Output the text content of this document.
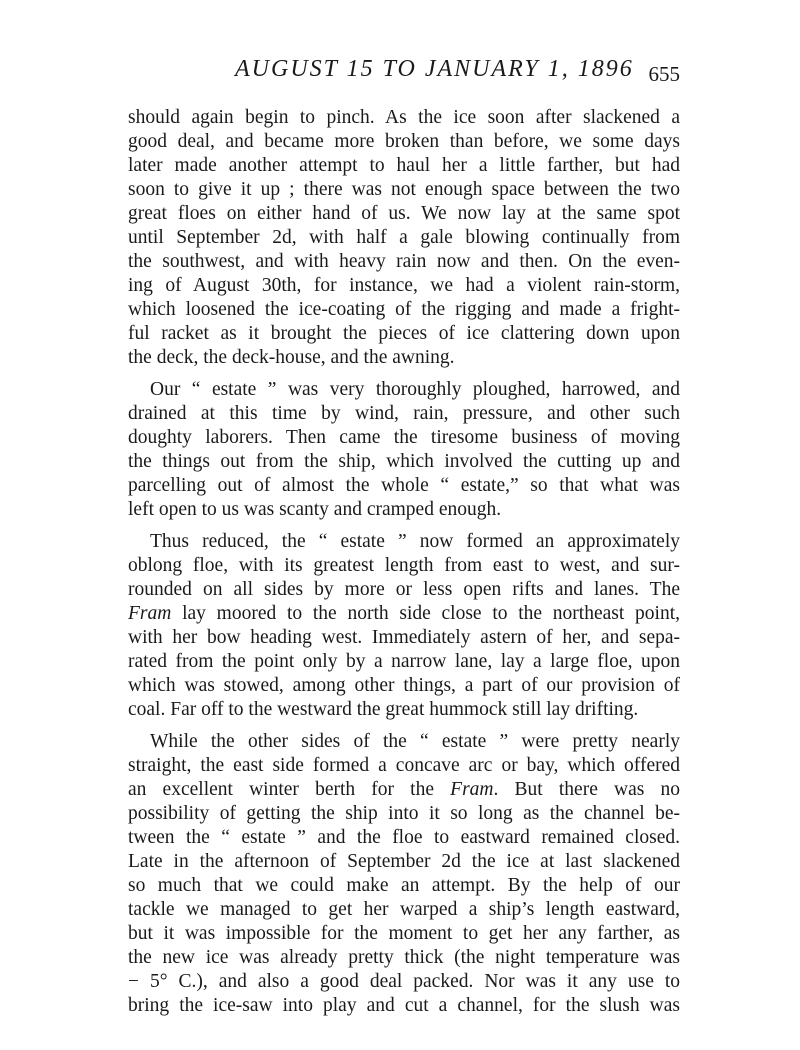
AUGUST 15 TO JANUARY 1, 1896 655
should again begin to pinch. As the ice soon after slackened a
good deal, and became more broken than before, we some days
later made another attempt to haul her a little farther, but had
soon to give it up ; there was not enough space between the two
great floes on either hand of us. We now lay at the same spot
until September 2d, with half a gale blowing continually from
the southwest, and with heavy rain now and then. On the even-
ing of August 30th, for instance, we had a violent rain-storm,
which loosened the ice-coating of the rigging and made a fright-
ful racket as it brought the pieces of ice clattering down upon
the deck, the deck-house, and the awning.
Our “ estate ” was very thoroughly ploughed, harrowed, and
drained at this time by wind, rain, pressure, and other such
doughty laborers. Then came the tiresome business of moving
the things out from the ship, which involved the cutting up and
parcelling out of almost the whole “ estate,” so that what was
left open to us was scanty and cramped enough.
Thus reduced, the “ estate ” now formed an approximately
oblong floe, with its greatest length from east to west, and sur-
rounded on all sides by more or less open rifts and lanes. The
Fram lay moored to the north side close to the northeast point,
with her bow heading west. Immediately astern of her, and sepa-
rated from the point only by a narrow lane, lay a large floe, upon
which was stowed, among other things, a part of our provision of
coal. Far off to the westward the great hummock still lay drifting.
While the other sides of the “ estate ” were pretty nearly
straight, the east side formed a concave arc or bay, which offered
an excellent winter berth for the Fram. But there was no
possibility of getting the ship into it so long as the channel be-
tween the “ estate ” and the floe to eastward remained closed.
Late in the afternoon of September 2d the ice at last slackened
so much that we could make an attempt. By the help of our
tackle we managed to get her warped a ship’s length eastward,
but it was impossible for the moment to get her any farther, as
the new ice was already pretty thick (the night temperature was
− 5° C.), and also a good deal packed. Nor was it any use to
bring the ice-saw into play and cut a channel, for the slush was
